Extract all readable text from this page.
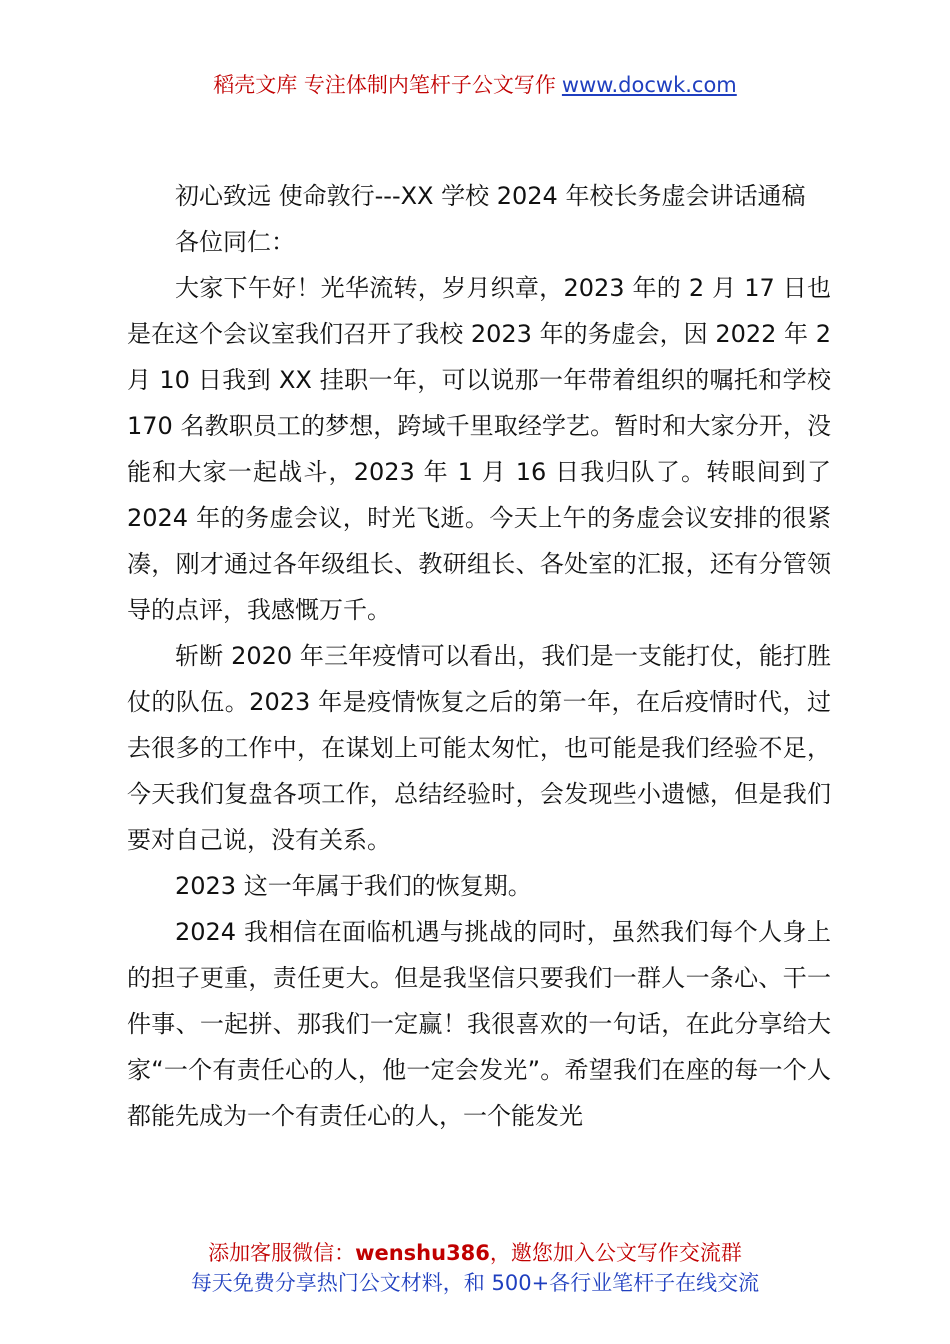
稻壳文库 专注体制内笔杆子公文写作 www.docwk.com

初心致远 使命敦行---XX 学校 2024 年校长务虚会讲话通稿

各位同仁：

大家下午好！光华流转，岁月织章，2023 年的 2 月 17 日也是在这个会议室我们召开了我校 2023 年的务虚会，因 2022 年 2 月 10 日我到 XX 挂职一年，可以说那一年带着组织的嘱托和学校 170 名教职员工的梦想，跨域千里取经学艺。暂时和大家分开，没能和大家一起战斗，2023 年 1 月 16 日我归队了。转眼间到了 2024 年的务虚会议，时光飞逝。今天上午的务虚会议安排的很紧凑，刚才通过各年级组长、教研组长、各处室的汇报，还有分管领导的点评，我感慨万千。

斩断 2020 年三年疫情可以看出，我们是一支能打仗，能打胜仗的队伍。2023 年是疫情恢复之后的第一年，在后疫情时代，过去很多的工作中，在谋划上可能太匆忙，也可能是我们经验不足，今天我们复盘各项工作，总结经验时，会发现些小遗憾，但是我们要对自己说，没有关系。

2023 这一年属于我们的恢复期。

2024 我相信在面临机遇与挑战的同时，虽然我们每个人身上的担子更重，责任更大。但是我坚信只要我们一群人一条心、干一件事、一起拼、那我们一定赢！我很喜欢的一句话，在此分享给大家“一个有责任心的人，他一定会发光”。希望我们在座的每一个人都能先成为一个有责任心的人，一个能发光

添加客服微信：wenshu386，邀您加入公文写作交流群
每天免费分享热门公文材料，和 500+各行业笔杆子在线交流
